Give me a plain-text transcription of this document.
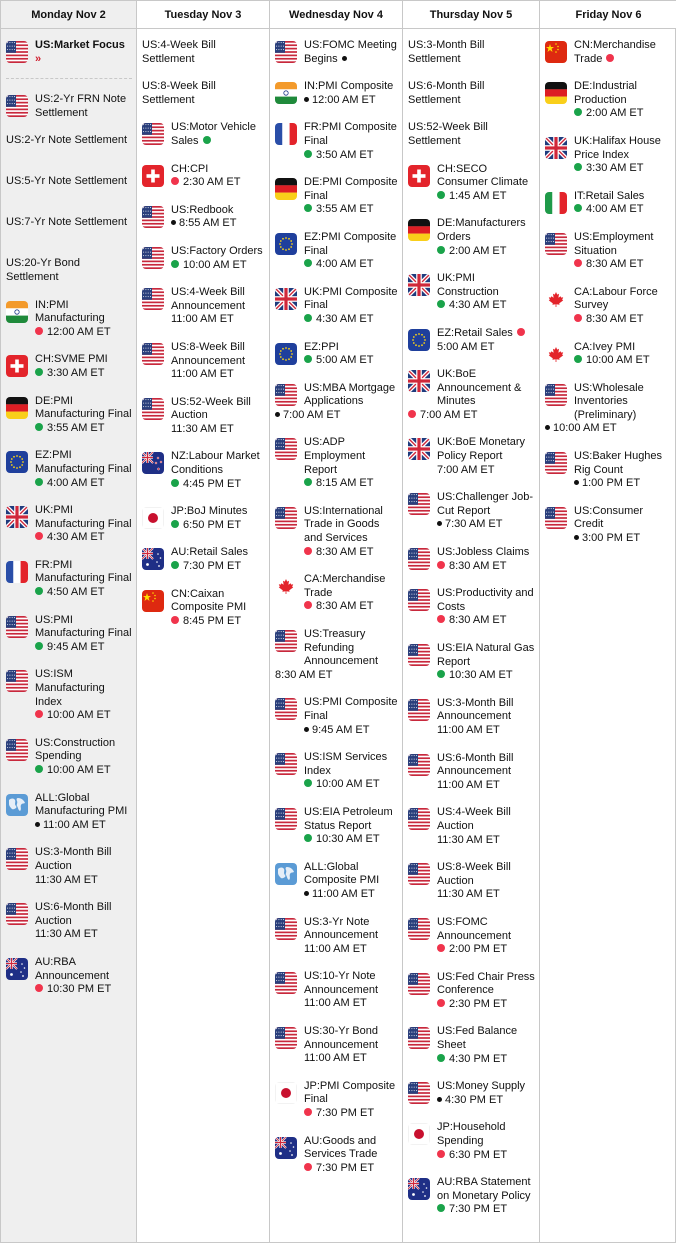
Monday Nov 2
US:Market Focus »
US:2-Yr FRN Note Settlement
US:2-Yr Note Settlement
US:5-Yr Note Settlement
US:7-Yr Note Settlement
US:20-Yr Bond Settlement
IN:PMI Manufacturing
12:00 AM ET
CH:SVME PMI
3:30 AM ET
DE:PMI Manufacturing Final
3:55 AM ET
EZ:PMI Manufacturing Final
4:00 AM ET
UK:PMI Manufacturing Final
4:30 AM ET
FR:PMI Manufacturing Final
4:50 AM ET
US:PMI Manufacturing Final
9:45 AM ET
US:ISM Manufacturing Index
10:00 AM ET
US:Construction Spending
10:00 AM ET
ALL:Global Manufacturing PMI
11:00 AM ET
US:3-Month Bill Auction
11:30 AM ET
US:6-Month Bill Auction
11:30 AM ET
AU:RBA Announcement
10:30 PM ET
Tuesday Nov 3
US:4-Week Bill Settlement
US:8-Week Bill Settlement
US:Motor Vehicle Sales
CH:CPI
2:30 AM ET
US:Redbook
8:55 AM ET
US:Factory Orders
10:00 AM ET
US:4-Week Bill Announcement
11:00 AM ET
US:8-Week Bill Announcement
11:00 AM ET
US:52-Week Bill Auction
11:30 AM ET
NZ:Labour Market Conditions
4:45 PM ET
JP:BoJ Minutes
6:50 PM ET
AU:Retail Sales
7:30 PM ET
CN:Caixan Composite PMI
8:45 PM ET
Wednesday Nov 4
US:FOMC Meeting Begins
IN:PMI Composite
12:00 AM ET
FR:PMI Composite Final
3:50 AM ET
DE:PMI Composite Final
3:55 AM ET
EZ:PMI Composite Final
4:00 AM ET
UK:PMI Composite Final
4:30 AM ET
EZ:PPI
5:00 AM ET
US:MBA Mortgage Applications
7:00 AM ET
US:ADP Employment Report
8:15 AM ET
US:International Trade in Goods and Services
8:30 AM ET
CA:Merchandise Trade
8:30 AM ET
US:Treasury Refunding Announcement
8:30 AM ET
US:PMI Composite Final
9:45 AM ET
US:ISM Services Index
10:00 AM ET
US:EIA Petroleum Status Report
10:30 AM ET
ALL:Global Composite PMI
11:00 AM ET
US:3-Yr Note Announcement
11:00 AM ET
US:10-Yr Note Announcement
11:00 AM ET
US:30-Yr Bond Announcement
11:00 AM ET
JP:PMI Composite Final
7:30 PM ET
AU:Goods and Services Trade
7:30 PM ET
Thursday Nov 5
US:3-Month Bill Settlement
US:6-Month Bill Settlement
US:52-Week Bill Settlement
CH:SECO Consumer Climate
1:45 AM ET
DE:Manufacturers Orders
2:00 AM ET
UK:PMI Construction
4:30 AM ET
EZ:Retail Sales5:00 AM ET
UK:BoE Announcement & Minutes
7:00 AM ET
UK:BoE Monetary Policy Report
7:00 AM ET
US:Challenger Job-Cut Report
7:30 AM ET
US:Jobless Claims
8:30 AM ET
US:Productivity and Costs
8:30 AM ET
US:EIA Natural Gas Report
10:30 AM ET
US:3-Month Bill Announcement
11:00 AM ET
US:6-Month Bill Announcement
11:00 AM ET
US:4-Week Bill Auction
11:30 AM ET
US:8-Week Bill Auction
11:30 AM ET
US:FOMC Announcement
2:00 PM ET
US:Fed Chair Press Conference
2:30 PM ET
US:Fed Balance Sheet
4:30 PM ET
US:Money Supply
4:30 PM ET
JP:Household Spending
6:30 PM ET
AU:RBA Statement on Monetary Policy
7:30 PM ET
Friday Nov 6
CN:Merchandise Trade
DE:Industrial Production
2:00 AM ET
UK:Halifax House Price Index
3:30 AM ET
IT:Retail Sales
4:00 AM ET
US:Employment Situation
8:30 AM ET
CA:Labour Force Survey
8:30 AM ET
CA:Ivey PMI
10:00 AM ET
US:Wholesale Inventories (Preliminary)
10:00 AM ET
US:Baker Hughes Rig Count
1:00 PM ET
US:Consumer Credit
3:00 PM ET
